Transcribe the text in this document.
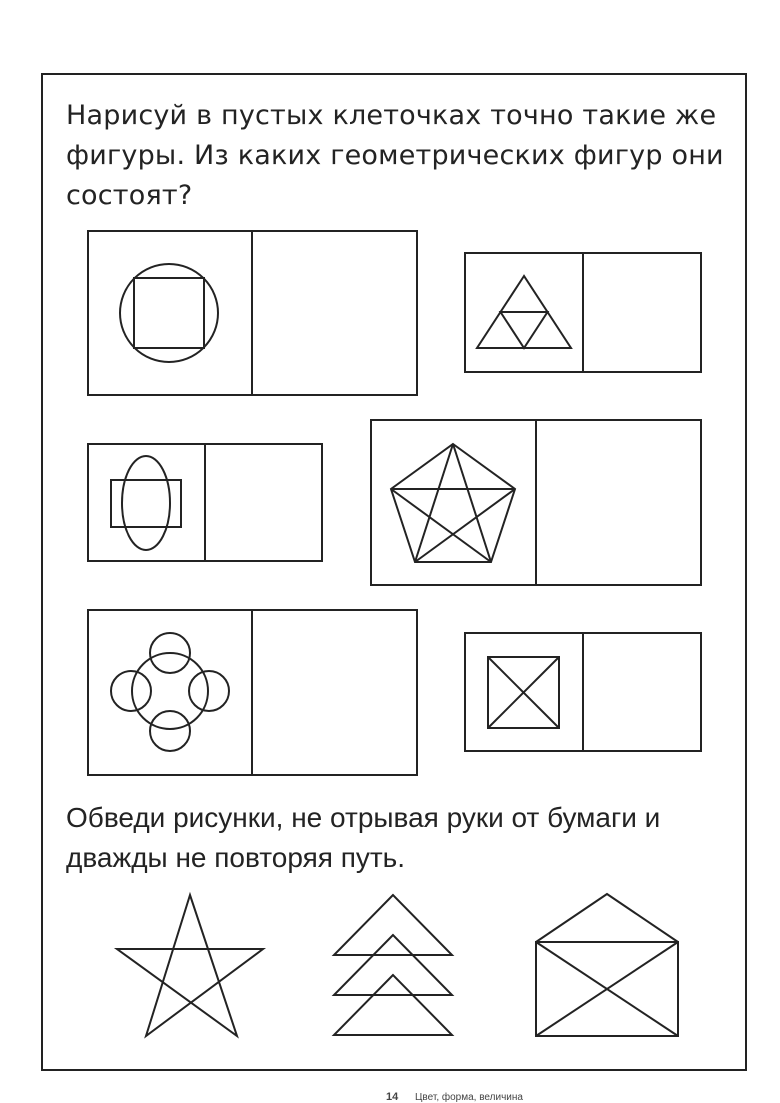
Нарисуй в пустых клеточках точно такие же фигуры. Из каких геометрических фигур они состоят?

Обведи рисунки, не отрывая руки от бумаги и дважды не повторяя путь.

14 Цвет, форма, величина
